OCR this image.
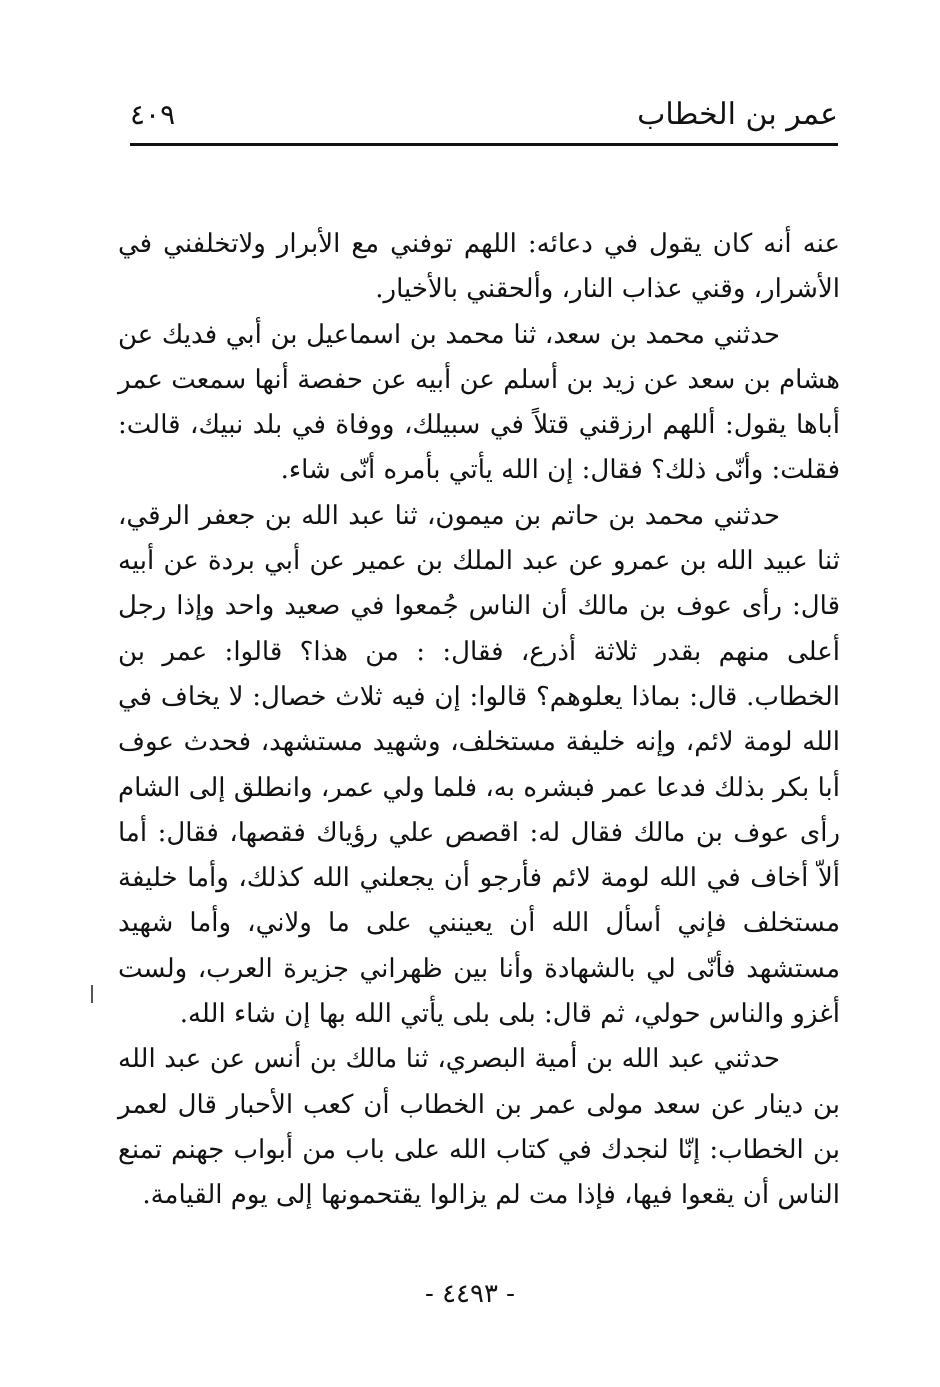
عمر بن الخطاب
٤٠٩

عنه أنه كان يقول في دعائه: اللهم توفني مع الأبرار ولاتخلفني في الأشرار، وقني عذاب النار، وألحقني بالأخيار.

حدثني محمد بن سعد، ثنا محمد بن اسماعيل بن أبي فديك عن هشام بن سعد عن زيد بن أسلم عن أبيه عن حفصة أنها سمعت عمر أباها يقول: أللهم ارزقني قتلاً في سبيلك، ووفاة في بلد نبيك، قالت: فقلت: وأنّى ذلك؟ فقال: إن الله يأتي بأمره أنّى شاء.

حدثني محمد بن حاتم بن ميمون، ثنا عبد الله بن جعفر الرقي، ثنا عبيد الله بن عمرو عن عبد الملك بن عمير عن أبي بردة عن أبيه قال: رأى عوف بن مالك أن الناس جُمعوا في صعيد واحد وإذا رجل أعلى منهم بقدر ثلاثة أذرع، فقال: : من هذا؟ قالوا: عمر بن الخطاب. قال: بماذا يعلوهم؟ قالوا: إن فيه ثلاث خصال: لا يخاف في الله لومة لائم، وإنه خليفة مستخلف، وشهيد مستشهد، فحدث عوف أبا بكر بذلك فدعا عمر فبشره به، فلما ولي عمر، وانطلق إلى الشام رأى عوف بن مالك فقال له: اقصص علي رؤياك فقصها، فقال: أما ألاّ أخاف في الله لومة لائم فأرجو أن يجعلني الله كذلك، وأما خليفة مستخلف فإني أسأل الله أن يعينني على ما ولاني، وأما شهيد مستشهد فأنّى لي بالشهادة وأنا بين ظهراني جزيرة العرب، ولست أغزو والناس حولي، ثم قال: بلى بلى يأتي الله بها إن شاء الله.

حدثني عبد الله بن أمية البصري، ثنا مالك بن أنس عن عبد الله بن دينار عن سعد مولى عمر بن الخطاب أن كعب الأحبار قال لعمر بن الخطاب: إنّا لنجدك في كتاب الله على باب من أبواب جهنم تمنع الناس أن يقعوا فيها، فإذا مت لم يزالوا يقتحمونها إلى يوم القيامة.

- ٤٤٩٣ -
